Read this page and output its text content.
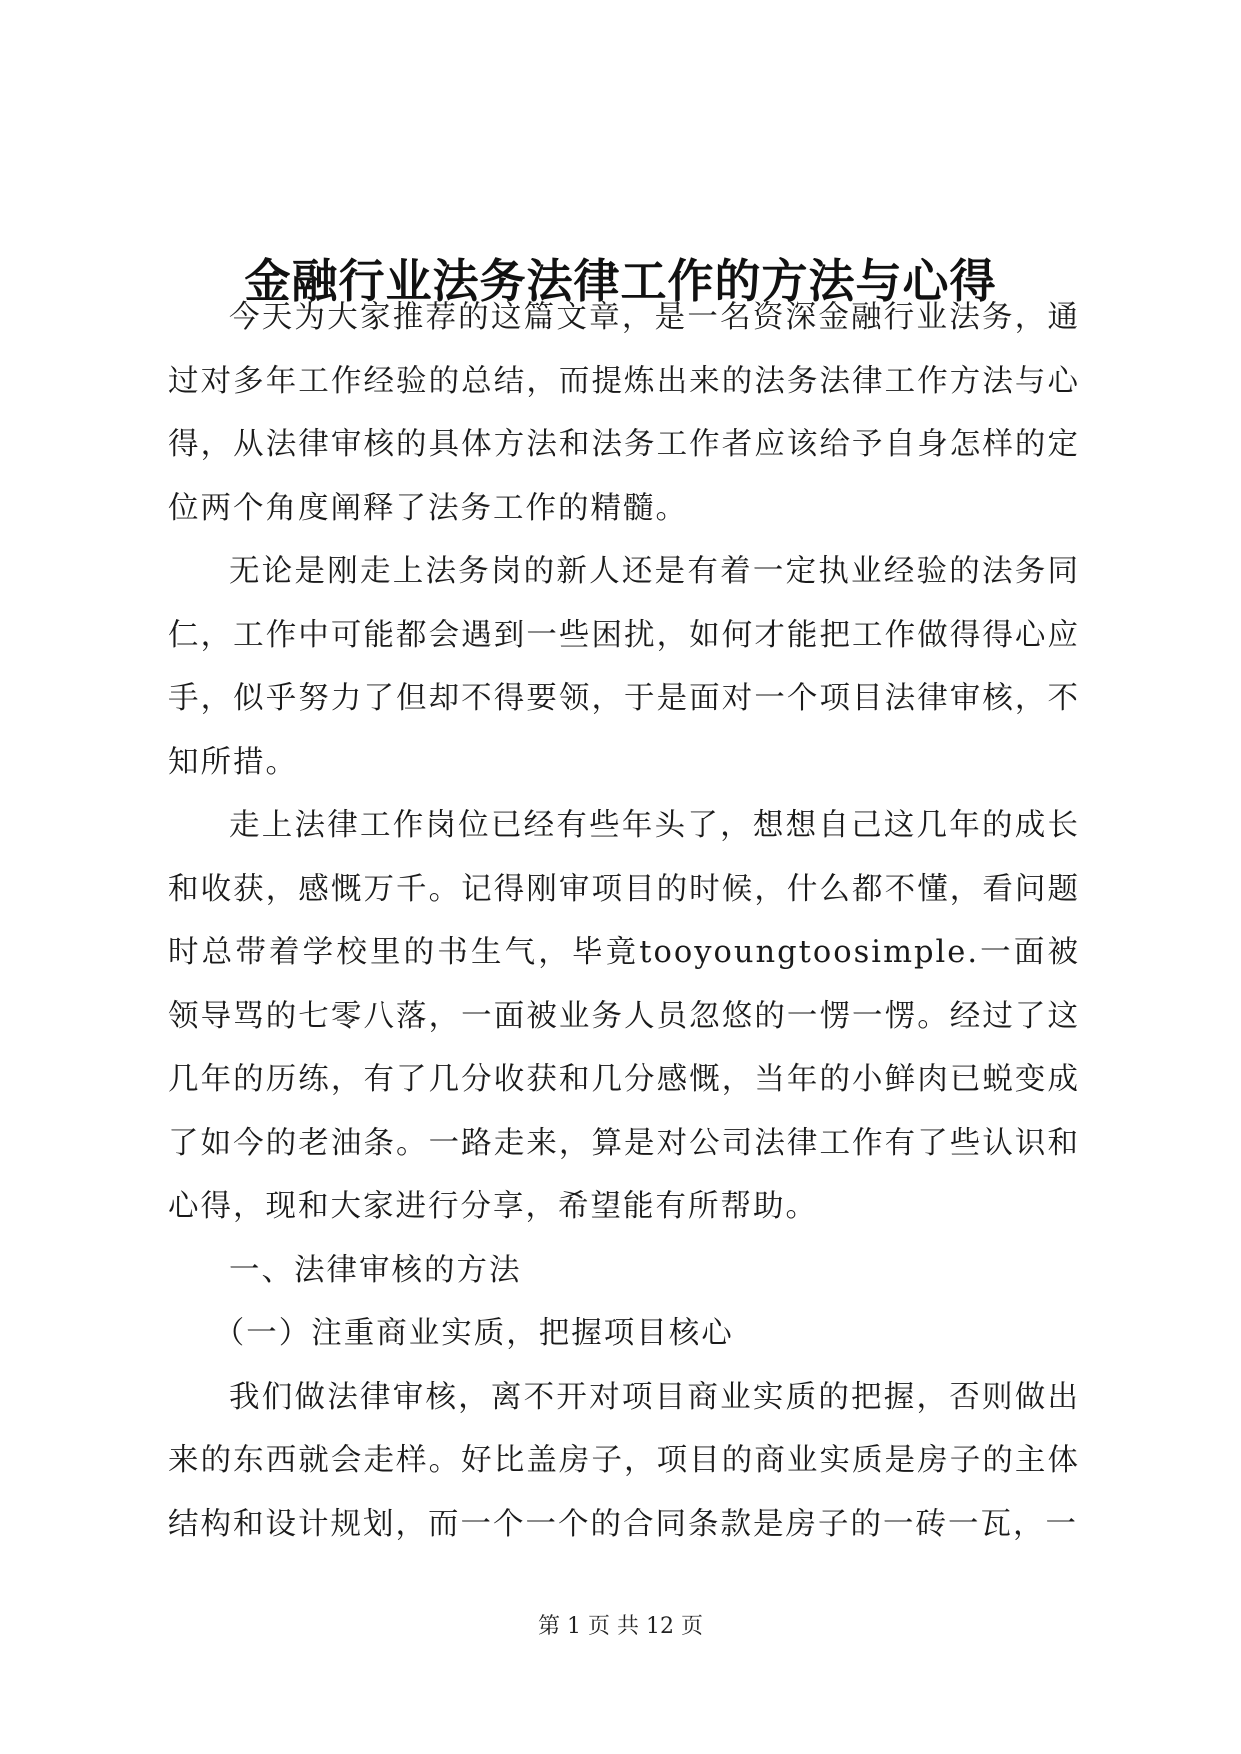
金融行业法务法律工作的方法与心得

今天为大家推荐的这篇文章，是一名资深金融行业法务，通过对多年工作经验的总结，而提炼出来的法务法律工作方法与心得，从法律审核的具体方法和法务工作者应该给予自身怎样的定位两个角度阐释了法务工作的精髓。

无论是刚走上法务岗的新人还是有着一定执业经验的法务同仁，工作中可能都会遇到一些困扰，如何才能把工作做得得心应手，似乎努力了但却不得要领，于是面对一个项目法律审核，不知所措。

走上法律工作岗位已经有些年头了，想想自己这几年的成长和收获，感慨万千。记得刚审项目的时候，什么都不懂，看问题时总带着学校里的书生气，毕竟tooyoungtoosimple.一面被领导骂的七零八落，一面被业务人员忽悠的一愣一愣。经过了这几年的历练，有了几分收获和几分感慨，当年的小鲜肉已蜕变成了如今的老油条。一路走来，算是对公司法律工作有了些认识和心得，现和大家进行分享，希望能有所帮助。

一、法律审核的方法

（一）注重商业实质，把握项目核心

我们做法律审核，离不开对项目商业实质的把握，否则做出来的东西就会走样。好比盖房子，项目的商业实质是房子的主体结构和设计规划，而一个一个的合同条款是房子的一砖一瓦，一

第 1 页 共 12 页
